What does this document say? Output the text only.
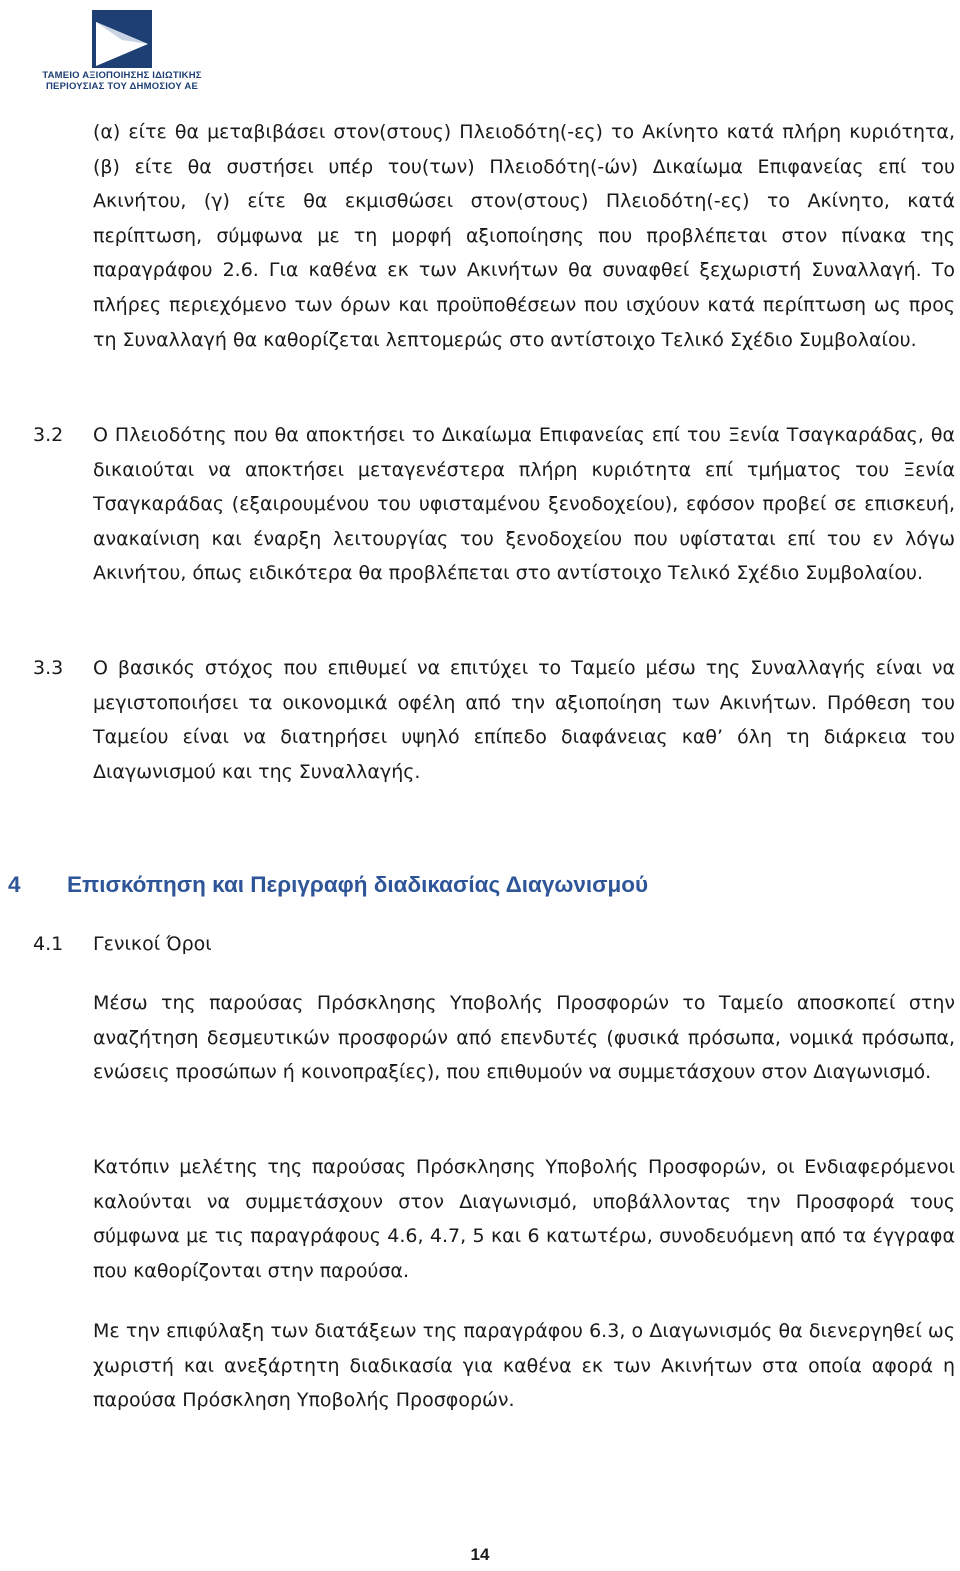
ΤΑΜΕΙΟ ΑΞΙΟΠΟΙΗΣΗΣ ΙΔΙΩΤΙΚΗΣ
ΠΕΡΙΟΥΣΙΑΣ ΤΟΥ ΔΗΜΟΣΙΟΥ ΑΕ

(α) είτε θα μεταβιβάσει στον(στους) Πλειοδότη(-ες) το Ακίνητο κατά πλήρη κυριότητα, (β) είτε θα συστήσει υπέρ του(των) Πλειοδότη(-ών) Δικαίωμα Επιφανείας επί του Ακινήτου, (γ) είτε θα εκμισθώσει στον(στους) Πλειοδότη(-ες) το Ακίνητο, κατά περίπτωση, σύμφωνα με τη μορφή αξιοποίησης που προβλέπεται στον πίνακα της παραγράφου 2.6. Για καθένα εκ των Ακινήτων θα συναφθεί ξεχωριστή Συναλλαγή. Το πλήρες περιεχόμενο των όρων και προϋποθέσεων που ισχύουν κατά περίπτωση ως προς τη Συναλλαγή θα καθορίζεται λεπτομερώς στο αντίστοιχο Τελικό Σχέδιο Συμβολαίου.

3.2 Ο Πλειοδότης που θα αποκτήσει το Δικαίωμα Επιφανείας επί του Ξενία Τσαγκαράδας, θα δικαιούται να αποκτήσει μεταγενέστερα πλήρη κυριότητα επί τμήματος του Ξενία Τσαγκαράδας (εξαιρουμένου του υφισταμένου ξενοδοχείου), εφόσον προβεί σε επισκευή, ανακαίνιση και έναρξη λειτουργίας του ξενοδοχείου που υφίσταται επί του εν λόγω Ακινήτου, όπως ειδικότερα θα προβλέπεται στο αντίστοιχο Τελικό Σχέδιο Συμβολαίου.

3.3 Ο βασικός στόχος που επιθυμεί να επιτύχει το Ταμείο μέσω της Συναλλαγής είναι να μεγιστοποιήσει τα οικονομικά οφέλη από την αξιοποίηση των Ακινήτων. Πρόθεση του Ταμείου είναι να διατηρήσει υψηλό επίπεδο διαφάνειας καθ’ όλη τη διάρκεια του Διαγωνισμού και της Συναλλαγής.

4 Επισκόπηση και Περιγραφή διαδικασίας Διαγωνισμού

4.1 Γενικοί Όροι

Μέσω της παρούσας Πρόσκλησης Υποβολής Προσφορών το Ταμείο αποσκοπεί στην αναζήτηση δεσμευτικών προσφορών από επενδυτές (φυσικά πρόσωπα, νομικά πρόσωπα, ενώσεις προσώπων ή κοινοπραξίες), που επιθυμούν να συμμετάσχουν στον Διαγωνισμό.

Κατόπιν μελέτης της παρούσας Πρόσκλησης Υποβολής Προσφορών, οι Ενδιαφερόμενοι καλούνται να συμμετάσχουν στον Διαγωνισμό, υποβάλλοντας την Προσφορά τους σύμφωνα με τις παραγράφους 4.6, 4.7, 5 και 6 κατωτέρω, συνοδευόμενη από τα έγγραφα που καθορίζονται στην παρούσα.

Με την επιφύλαξη των διατάξεων της παραγράφου 6.3, ο Διαγωνισμός θα διενεργηθεί ως χωριστή και ανεξάρτητη διαδικασία για καθένα εκ των Ακινήτων στα οποία αφορά η παρούσα Πρόσκληση Υποβολής Προσφορών.

14
